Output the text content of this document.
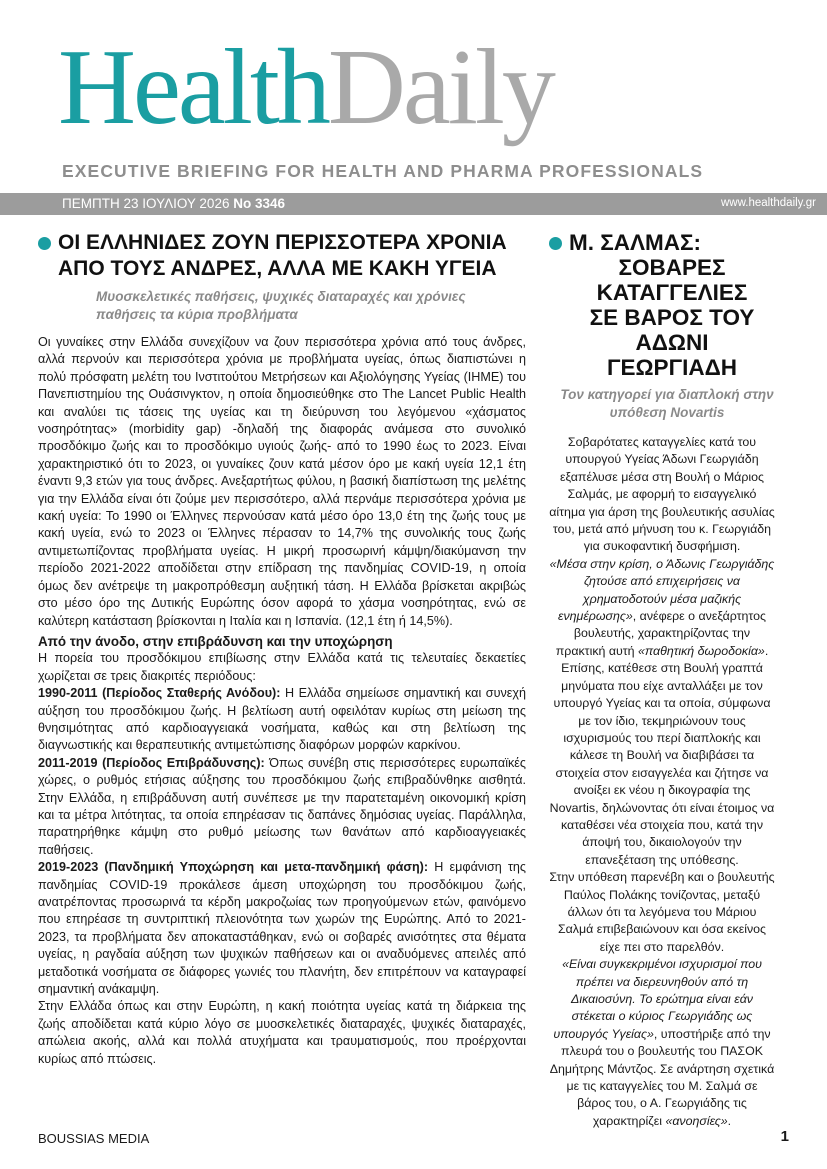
HealthDaily
EXECUTIVE BRIEFING FOR HEALTH AND PHARMA PROFESSIONALS
ΠΕΜΠΤΗ 23 ΙΟΥΛΙΟΥ 2026 Νο 3346	www.healthdaily.gr
ΟΙ ΕΛΛΗΝΙΔΕΣ ΖΟΥΝ ΠΕΡΙΣΣΟΤΕΡΑ ΧΡΟΝΙΑ ΑΠΟ ΤΟΥΣ ΑΝΔΡΕΣ, ΑΛΛΑ ΜΕ ΚΑΚΗ ΥΓΕΙΑ
Μυοσκελετικές παθήσεις, ψυχικές διαταραχές και χρόνιες παθήσεις τα κύρια προβλήματα

Οι γυναίκες στην Ελλάδα συνεχίζουν να ζουν περισσότερα χρόνια από τους άνδρες, αλλά περνούν και περισσότερα χρόνια με προβλήματα υγείας, όπως διαπιστώνει η πολύ πρόσφατη μελέτη του Ινστιτούτου Μετρήσεων και Αξιολόγησης Υγείας (IHME) του Πανεπιστημίου της Ουάσινγκτον, η οποία δημοσιεύθηκε στο The Lancet Public Health και αναλύει τις τάσεις της υγείας και τη διεύρυνση του λεγόμενου «χάσματος νοσηρότητας» (morbidity gap) -δηλαδή της διαφοράς ανάμεσα στο συνολικό προσδόκιμο ζωής και το προσδόκιμο υγιούς ζωής- από το 1990 έως το 2023. Είναι χαρακτηριστικό ότι το 2023, οι γυναίκες ζουν κατά μέσον όρο με κακή υγεία 12,1 έτη έναντι 9,3 ετών για τους άνδρες. Ανεξαρτήτως φύλου, η βασική διαπίστωση της μελέτης για την Ελλάδα είναι ότι ζούμε μεν περισσότερο, αλλά περνάμε περισσότερα χρόνια με κακή υγεία: Το 1990 οι Έλληνες περνούσαν κατά μέσο όρο 13,0 έτη της ζωής τους με κακή υγεία, ενώ το 2023 οι Έλληνες πέρασαν το 14,7% της συνολικής τους ζωής αντιμετωπίζοντας προβλήματα υγείας. Η μικρή προσωρινή κάμψη/διακύμανση την περίοδο 2021-2022 αποδίδεται στην επίδραση της πανδημίας COVID-19, η οποία όμως δεν ανέτρεψε τη μακροπρόθεσμη αυξητική τάση. Η Ελλάδα βρίσκεται ακριβώς στο μέσο όρο της Δυτικής Ευρώπης όσον αφορά το χάσμα νοσηρότητας, ενώ σε καλύτερη κατάσταση βρίσκονται η Ιταλία και η Ισπανία. (12,1 έτη ή 14,5%).

Από την άνοδο, στην επιβράδυνση και την υποχώρηση

Η πορεία του προσδόκιμου επιβίωσης στην Ελλάδα κατά τις τελευταίες δεκαετίες χωρίζεται σε τρεις διακριτές περιόδους:

1990-2011 (Περίοδος Σταθερής Ανόδου): Η Ελλάδα σημείωσε σημαντική και συνεχή αύξηση του προσδόκιμου ζωής. Η βελτίωση αυτή οφειλόταν κυρίως στη μείωση της θνησιμότητας από καρδιοαγγειακά νοσήματα, καθώς και στη βελτίωση της διαγνωστικής και θεραπευτικής αντιμετώπισης διαφόρων μορφών καρκίνου.

2011-2019 (Περίοδος Επιβράδυνσης): Όπως συνέβη στις περισσότερες ευρωπαϊκές χώρες, ο ρυθμός ετήσιας αύξησης του προσδόκιμου ζωής επιβραδύνθηκε αισθητά. Στην Ελλάδα, η επιβράδυνση αυτή συνέπεσε με την παρατεταμένη οικονομική κρίση και τα μέτρα λιτότητας, τα οποία επηρέασαν τις δαπάνες δημόσιας υγείας. Παράλληλα, παρατηρήθηκε κάμψη στο ρυθμό μείωσης των θανάτων από καρδιοαγγειακές παθήσεις.

2019-2023 (Πανδημική Υποχώρηση και μετα-πανδημική φάση): Η εμφάνιση της πανδημίας COVID-19 προκάλεσε άμεση υποχώρηση του προσδόκιμου ζωής, ανατρέποντας προσωρινά τα κέρδη μακροζωίας των προηγούμενων ετών, φαινόμενο που επηρέασε τη συντριπτική πλειονότητα των χωρών της Ευρώπης. Από το 2021-2023, τα προβλήματα δεν αποκαταστάθηκαν, ενώ οι σοβαρές ανισότητες στα θέματα υγείας, η ραγδαία αύξηση των ψυχικών παθήσεων και οι αναδυόμενες απειλές από μεταδοτικά νοσήματα σε διάφορες γωνιές του πλανήτη, δεν επιτρέπουν να καταγραφεί σημαντική ανάκαμψη.

Στην Ελλάδα όπως και στην Ευρώπη, η κακή ποιότητα υγείας κατά τη διάρκεια της ζωής αποδίδεται κατά κύριο λόγο σε μυοσκελετικές διαταραχές, ψυχικές διαταραχές, απώλεια ακοής, αλλά και πολλά ατυχήματα και τραυματισμούς, που προέρχονται κυρίως από πτώσεις.

Μ. ΣΑΛΜΑΣ:
ΣΟΒΑΡΕΣ
ΚΑΤΑΓΓΕΛΙΕΣ
ΣΕ ΒΑΡΟΣ ΤΟΥ
ΑΔΩΝΙ ΓΕΩΡΓΙΑΔΗ
Τον κατηγορεί για διαπλοκή στην υπόθεση Novartis

Σοβαρότατες καταγγελίες κατά του υπουργού Υγείας Άδωνι Γεωργιάδη εξαπέλυσε μέσα στη Βουλή ο Μάριος Σαλμάς, με αφορμή το εισαγγελικό αίτημα για άρση της βουλευτικής ασυλίας του, μετά από μήνυση του κ. Γεωργιάδη για συκοφαντική δυσφήμιση.

«Μέσα στην κρίση, ο Άδωνις Γεωργιάδης ζητούσε από επιχειρήσεις να χρηματοδοτούν μέσα μαζικής ενημέρωσης», ανέφερε ο ανεξάρτητος βουλευτής, χαρακτηρίζοντας την πρακτική αυτή «παθητική δωροδοκία». Επίσης, κατέθεσε στη Βουλή γραπτά μηνύματα που είχε ανταλλάξει με τον υπουργό Υγείας και τα οποία, σύμφωνα με τον ίδιο, τεκμηριώνουν τους ισχυρισμούς του περί διαπλοκής και κάλεσε τη Βουλή να διαβιβάσει τα στοιχεία στον εισαγγελέα και ζήτησε να ανοίξει εκ νέου η δικογραφία της Novartis, δηλώνοντας ότι είναι έτοιμος να καταθέσει νέα στοιχεία που, κατά την άποψή του, δικαιολογούν την επανεξέταση της υπόθεσης.

Στην υπόθεση παρενέβη και ο βουλευτής Παύλος Πολάκης τονίζοντας, μεταξύ άλλων ότι τα λεγόμενα του Μάριου Σαλμά επιβεβαιώνουν και όσα εκείνος είχε πει στο παρελθόν.

«Είναι συγκεκριμένοι ισχυρισμοί που πρέπει να διερευνηθούν από τη Δικαιοσύνη. Το ερώτημα είναι εάν στέκεται ο κύριος Γεωργιάδης ως υπουργός Υγείας», υποστήριξε από την πλευρά του ο βουλευτής του ΠΑΣΟΚ Δημήτρης Μάντζος. Σε ανάρτηση σχετικά με τις καταγγελίες του Μ. Σαλμά σε βάρος του, ο Α. Γεωργιάδης τις χαρακτηρίζει «ανοησίες».

BOUSSIAS MEDIA	1
